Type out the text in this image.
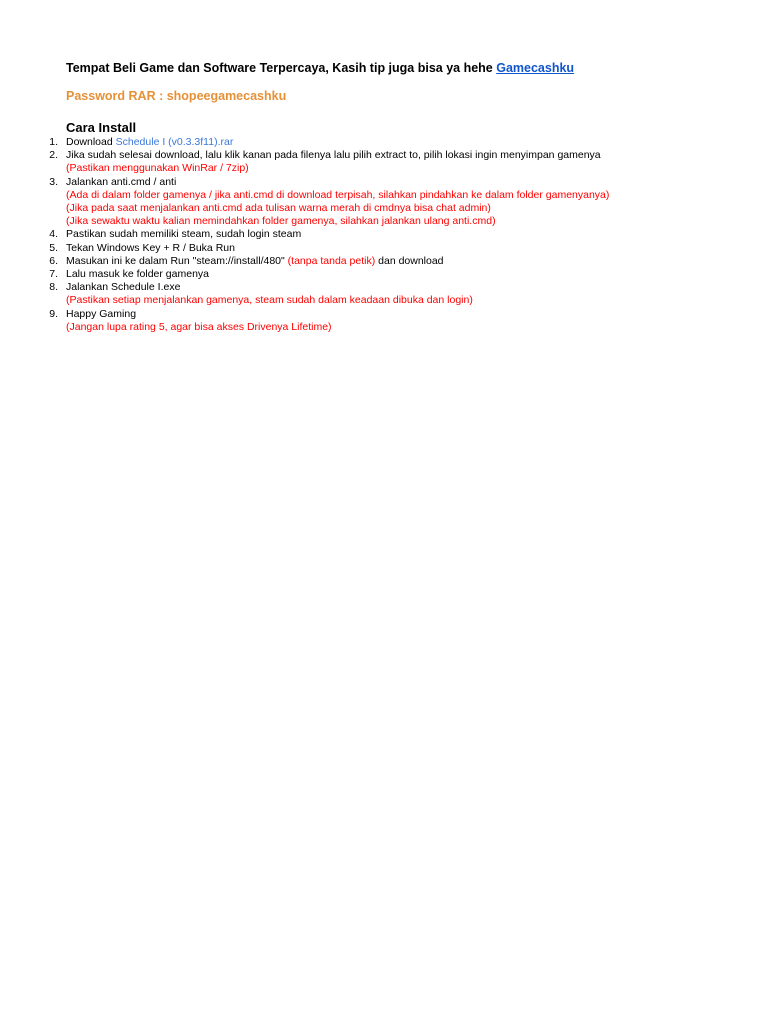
Tempat Beli Game dan Software Terpercaya, Kasih tip juga bisa ya hehe Gamecashku
Password RAR : shopeegamecashku
Cara Install
1. Download Schedule I (v0.3.3f11).rar
2. Jika sudah selesai download, lalu klik kanan pada filenya lalu pilih extract to, pilih lokasi ingin menyimpan gamenya
(Pastikan menggunakan WinRar / 7zip)
3. Jalankan anti.cmd / anti
(Ada di dalam folder gamenya / jika anti.cmd di download terpisah, silahkan pindahkan ke dalam folder gamenyanya)
(Jika pada saat menjalankan anti.cmd ada tulisan warna merah di cmdnya bisa chat admin)
(Jika sewaktu waktu kalian memindahkan folder gamenya, silahkan jalankan ulang anti.cmd)
4. Pastikan sudah memiliki steam, sudah login steam
5. Tekan Windows Key + R / Buka Run
6. Masukan ini ke dalam Run "steam://install/480" (tanpa tanda petik) dan download
7. Lalu masuk ke folder gamenya
8. Jalankan Schedule I.exe
(Pastikan setiap menjalankan gamenya, steam sudah dalam keadaan dibuka dan login)
9. Happy Gaming
(Jangan lupa rating 5, agar bisa akses Drivenya Lifetime)
